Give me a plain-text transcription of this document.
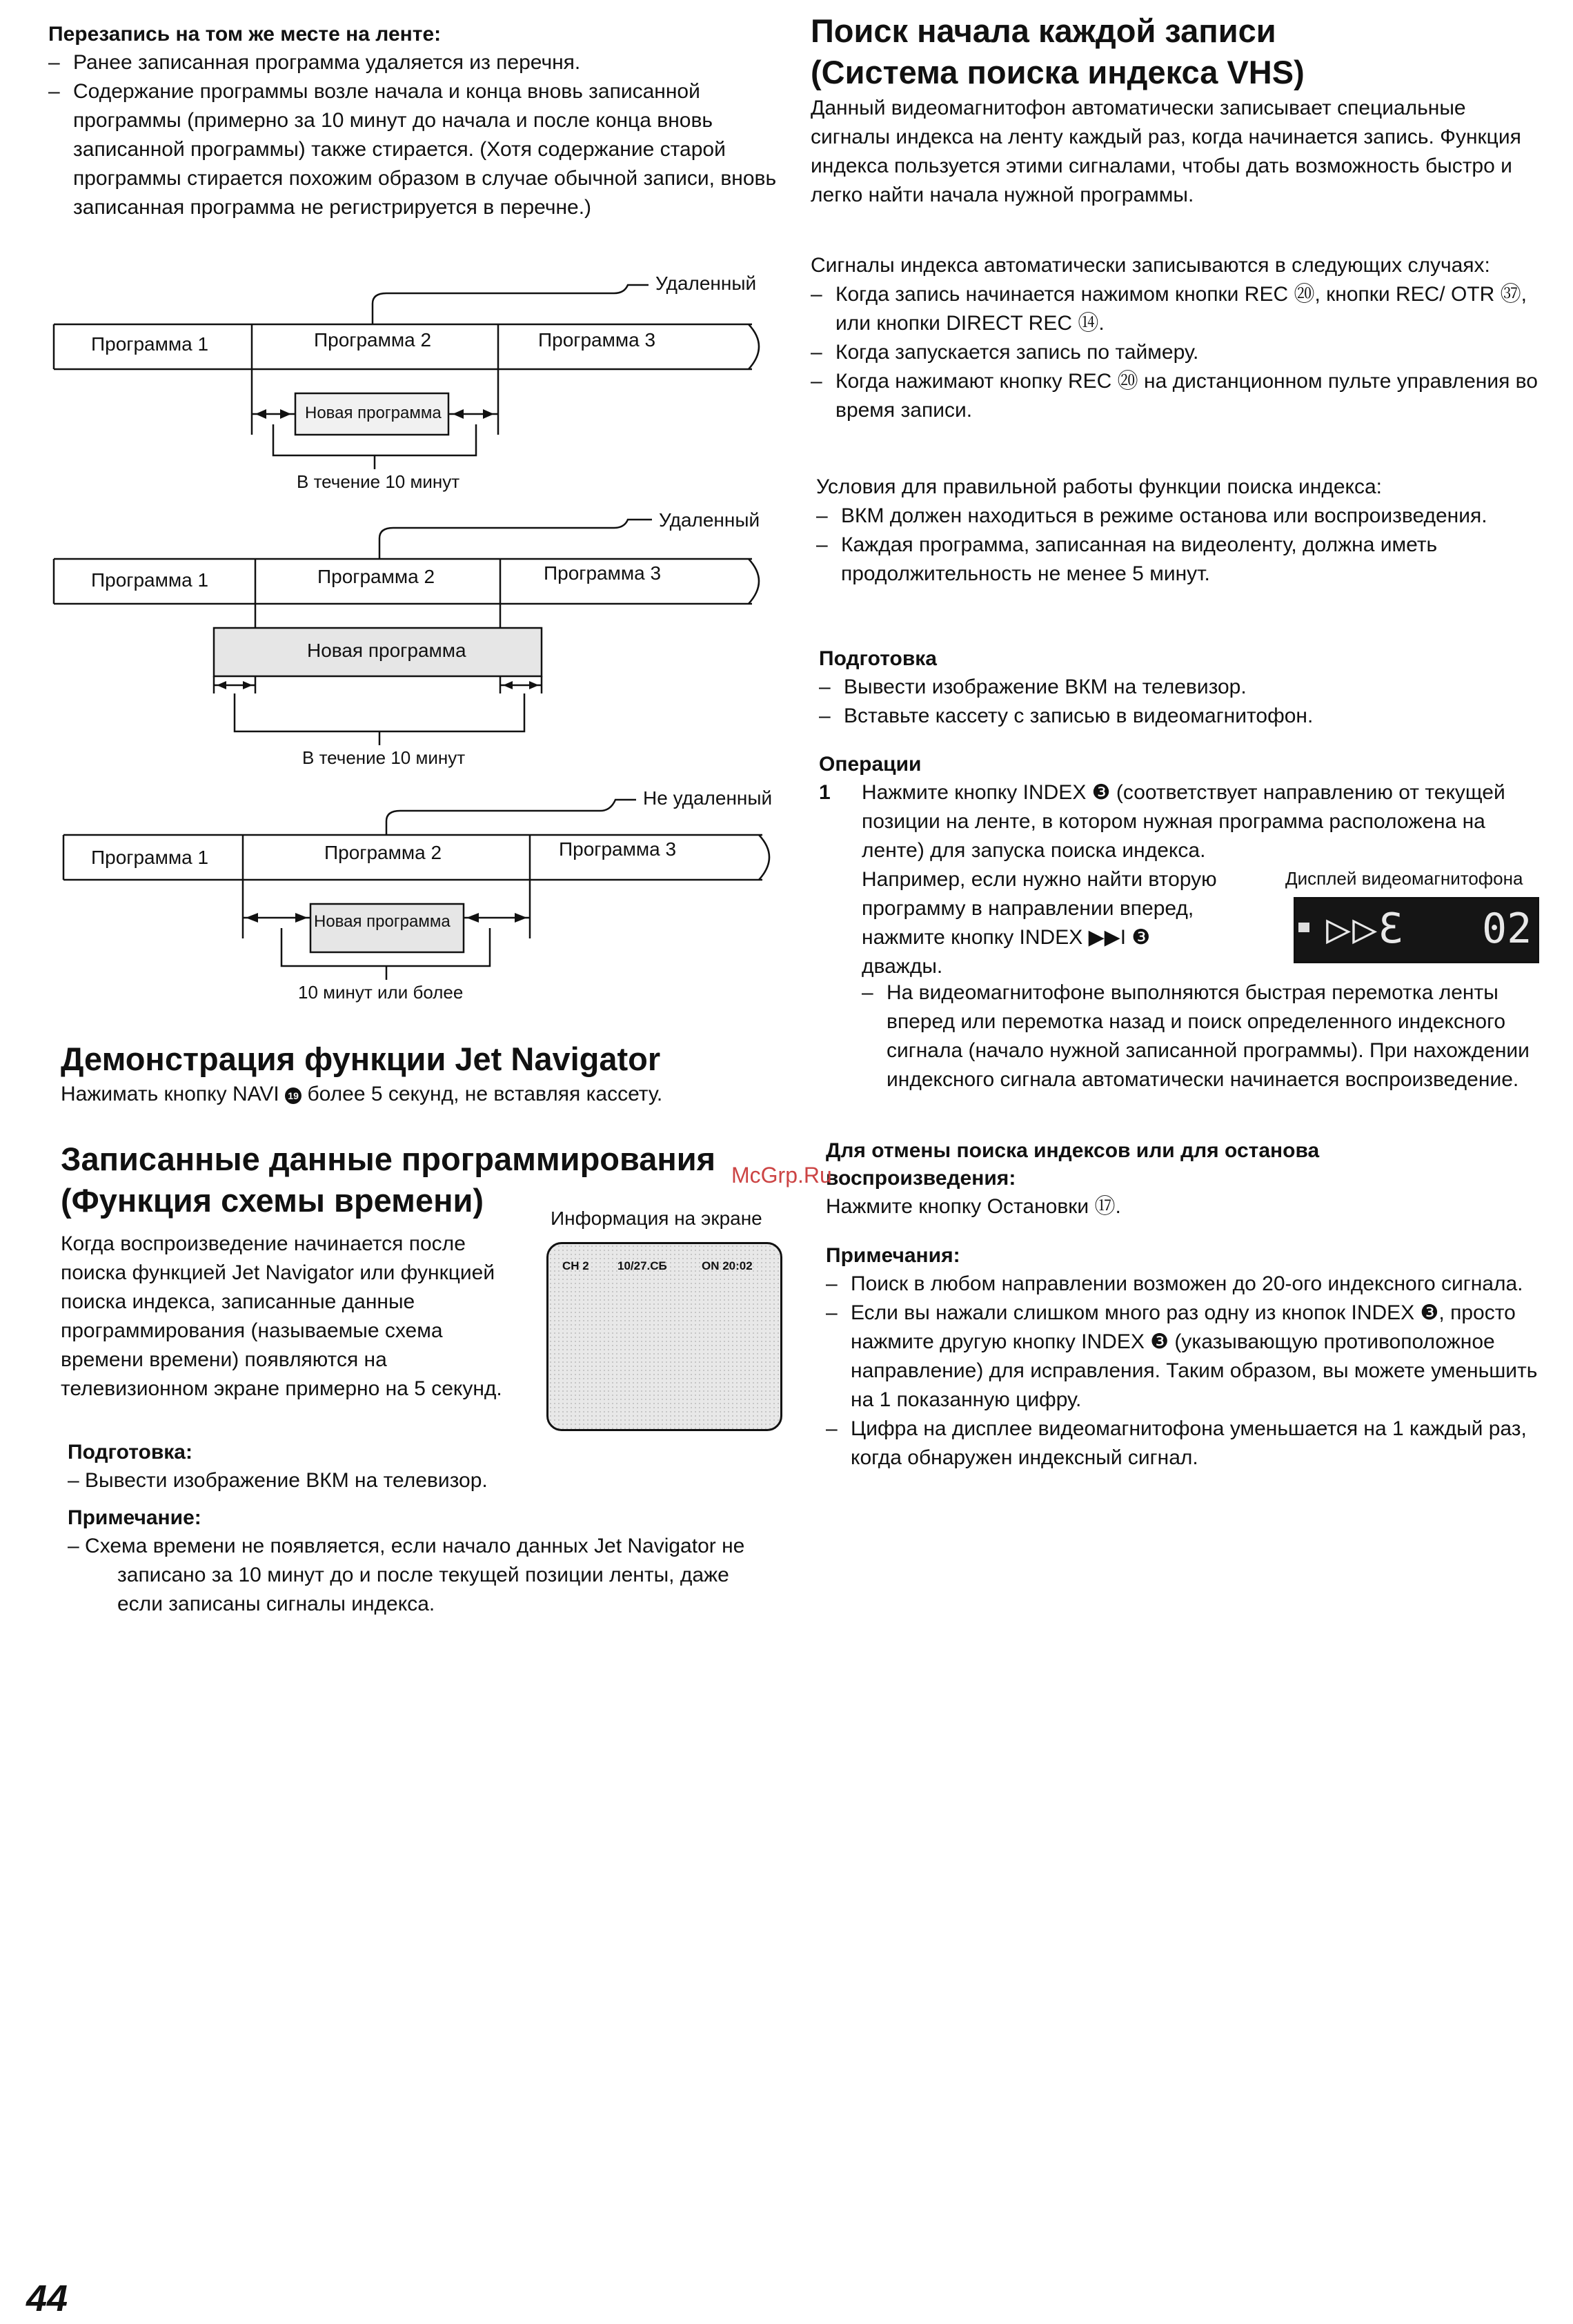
Перезапись на том же месте на ленте:

– Ранее записанная программа удаляется из перечня.
– Содержание программы возле начала и конца вновь записанной программы (примерно за 10 минут до начала и после конца вновь записанной программы) также стирается. (Хотя содержание старой программы стирается похожим образом в случае обычной записи, вновь записанная программа не регистрируется в перечне.)
Программа 1	Программа 2	Программа 3
Удаленный
Новая программа
В течение 10 минут
Программа 1	Программа 2	Программа 3
Удаленный
Новая программа
В течение 10 минут
Программа 1	Программа 2	Программа 3
Не удаленный
Новая программа
10 минут или более

Демонстрация функции Jet Navigator

Нажимать кнопку NAVI 19 более 5 секунд, не вставляя кассету.

Записанные данные программирования

(Функция схемы времени)

Когда воспроизведение начинается после поиска функцией Jet Navigator или функцией поиска индекса, записанные данные программирования (называемые схема времени времени) появляются на телевизионном экране примерно на 5 секунд.

Информация на экране
CH 2 10/27.СБ	ON 20:02

Подготовка:

– Вывести изображение ВКМ на телевизор.

Примечание:

– Схема времени не появляется, если начало данных Jet Navigator не записано за 10 минут до и после текущей позиции ленты, даже если записаны сигналы индекса.

Поиск начала каждой записи

(Система поиска индекса VHS)

Данный видеомагнитофон автоматически записывает специальные сигналы индекса на ленту каждый раз, когда начинается запись. Функция индекса пользуется этими сигналами, чтобы дать возможность быстро и легко найти начала нужной программы.

Сигналы индекса автоматически записываются в следующих случаях:

– Когда запись начинается нажимом кнопки REC ⑳, кнопки REC/ OTR ㊲, или кнопки DIRECT REC ⑭.
– Когда запускается запись по таймеру.
– Когда нажимают кнопку REC ⑳ на дистанционном пульте управления во время записи.

Условия для правильной работы функции поиска индекса:

– ВКМ должен находиться в режиме останова или воспроизведения.
– Каждая программа, записанная на видеоленту, должна иметь продолжительность не менее 5 минут.

Подготовка

– Вывести изображение ВКМ на телевизор.
– Вставьте кассету с записью в видеомагнитофон.

Операции

1 Нажмите кнопку INDEX ❸ (соответствует направлению от текущей позиции на ленте, в котором нужная программа расположена на ленте) для запуска поиска индекса.

Например, если нужно найти вторую

программу в направлении вперед,

нажмите кнопку INDEX ▶▶I ❸

дважды.

Дисплей видеомагнитофона
▷▷Ɛ 02
– На видеомагнитофоне выполняются быстрая перемотка ленты вперед или перемотка назад и поиск определенного индексного сигнала (начало нужной записанной программы). При нахождении индексного сигнала автоматически начинается воспроизведение.

Для отмены поиска индексов или для останова

воспроизведения:

Нажмите кнопку Остановки ⑰.

Примечания:

– Поиск в любом направлении возможен до 20-ого индексного сигнала.
– Если вы нажали слишком много раз одну из кнопок INDEX ❸, просто нажмите другую кнопку INDEX ❸ (указывающую противоположное направление) для исправления. Таким образом, вы можете уменьшить на 1 показанную цифру.
– Цифра на дисплее видеомагнитофона уменьшается на 1 каждый раз, когда обнаружен индексный сигнал.
McGrp.Ru
44
